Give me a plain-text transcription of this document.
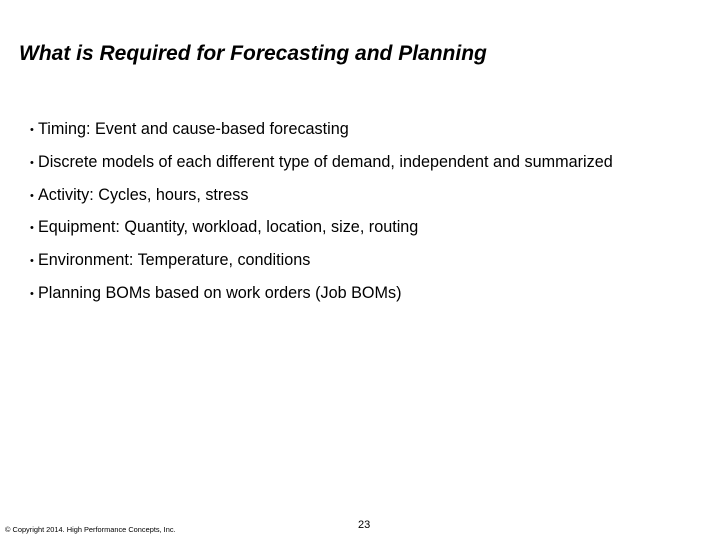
What is Required for Forecasting and Planning
• Timing: Event and cause-based forecasting
• Discrete models of each different type of demand, independent and summarized
• Activity: Cycles, hours, stress
• Equipment: Quantity, workload, location, size, routing
• Environment: Temperature, conditions
• Planning BOMs based on work orders (Job BOMs)
© Copyright 2014. High Performance Concepts, Inc.	23
